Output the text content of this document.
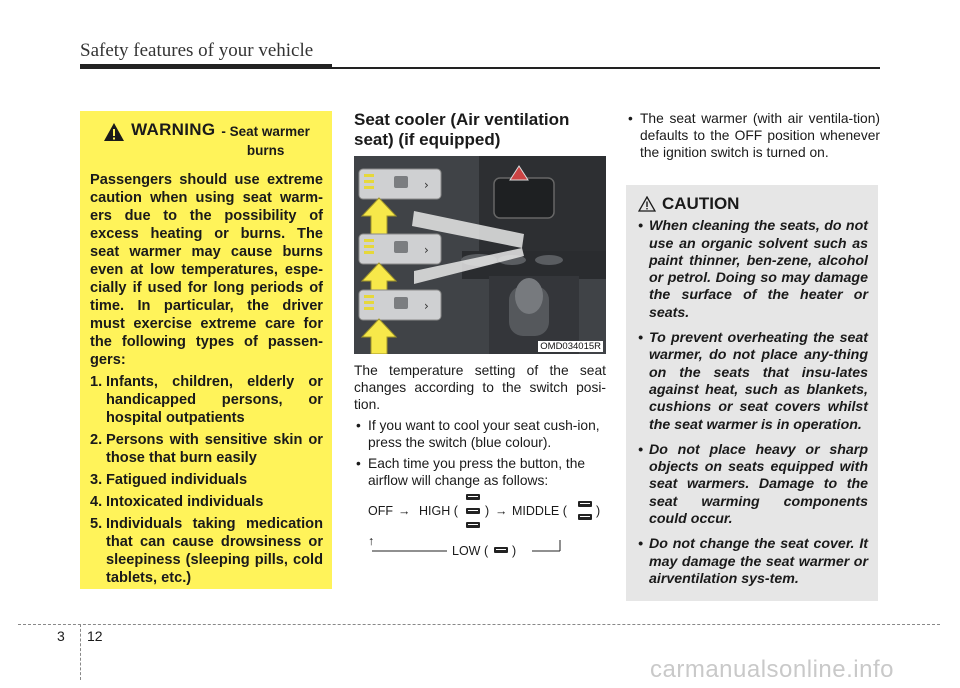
Safety features of your vehicle
WARNING - Seat warmer
burns

Passengers should use extreme caution when using seat warm-ers due to the possibility of excess heating or burns. The seat warmer may cause burns even at low temperatures, espe-cially if used for long periods of time. In particular, the driver must exercise extreme care for the following types of passen-gers:

1. Infants, children, elderly or handicapped persons, or hospital outpatients
2. Persons with sensitive skin or those that burn easily
3. Fatigued individuals
4. Intoxicated individuals
5. Individuals taking medication that can cause drowsiness or sleepiness (sleeping pills, cold tablets, etc.)
Seat cooler (Air ventilation seat) (if equipped)
›
›
›
OMD034015R

The temperature setting of the seat changes according to the switch posi-tion.

• If you want to cool your seat cush-ion, press the switch (blue colour).
• Each time you press the button, the airflow will change as follows:
OFF → HIGH ( ) → MIDDLE ( )
↑
LOW ( )
• The seat warmer (with air ventila-tion) defaults to the OFF position whenever the ignition switch is turned on.
CAUTION
• When cleaning the seats, do not use an organic solvent such as paint thinner, ben-zene, alcohol or petrol. Doing so may damage the surface of the heater or seats.
• To prevent overheating the seat warmer, do not place any-thing on the seats that insu-lates against heat, such as blankets, cushions or seat covers whilst the seat warmer is in operation.
• Do not place heavy or sharp objects on seats equipped with seat warmers. Damage to the seat warming components could occur.
• Do not change the seat cover. It may damage the seat warmer or airventilation sys-tem.
3 12
carmanualsonline.info
